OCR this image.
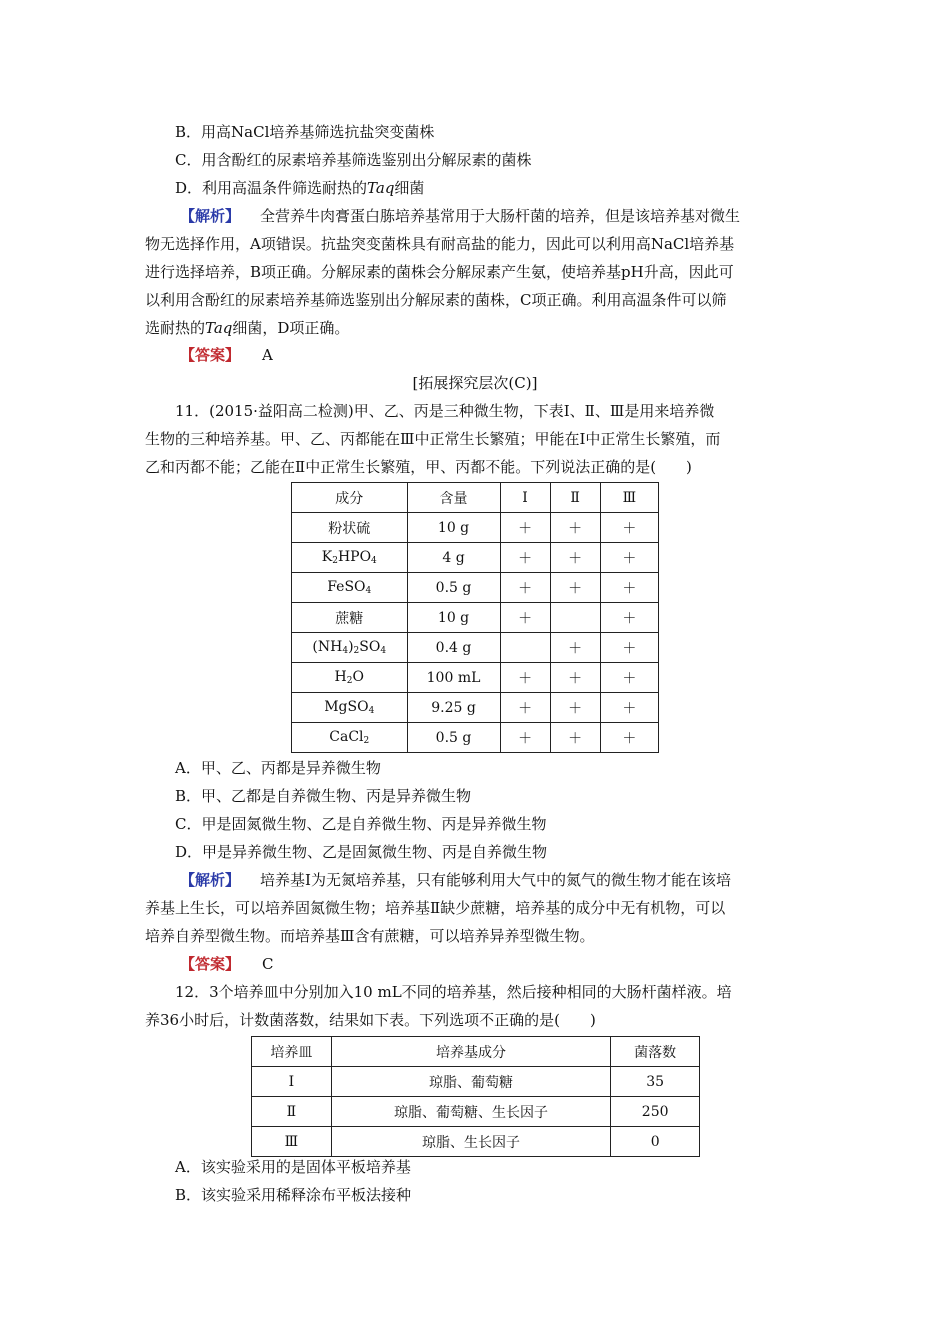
B．用高NaCl培养基筛选抗盐突变菌株
C．用含酚红的尿素培养基筛选鉴别出分解尿素的菌株
D．利用高温条件筛选耐热的Taq细菌
【解析】 全营养牛肉膏蛋白胨培养基常用于大肠杆菌的培养，但是该培养基对微生
物无选择作用，A项错误。抗盐突变菌株具有耐高盐的能力，因此可以利用高NaCl培养基
进行选择培养，B项正确。分解尿素的菌株会分解尿素产生氨，使培养基pH升高，因此可
以利用含酚红的尿素培养基筛选鉴别出分解尿素的菌株，C项正确。利用高温条件可以筛
选耐热的Taq细菌，D项正确。
【答案】 A
[拓展探究层次(C)]
11．(2015·益阳高二检测)甲、乙、丙是三种微生物，下表Ⅰ、Ⅱ、Ⅲ是用来培养微
生物的三种培养基。甲、乙、丙都能在Ⅲ中正常生长繁殖；甲能在Ⅰ中正常生长繁殖，而
乙和丙都不能；乙能在Ⅱ中正常生长繁殖，甲、丙都不能。下列说法正确的是(　　)
成分	含量	Ⅰ	Ⅱ	Ⅲ
粉状硫	10 g	＋	＋	＋
$K_2HPO_4$	4 g	＋	＋	＋
FeSO$_4$	0.5 g	＋	＋	＋
蔗糖	10 g	＋		＋
$(NH_4)_2SO_4$	0.4 g		＋	＋
$H_2O$	100 mL	＋	＋	＋
MgSO$_4$	9.25 g	＋	＋	＋
CaCl$_2$	0.5 g	＋	＋	＋
A．甲、乙、丙都是异养微生物
B．甲、乙都是自养微生物、丙是异养微生物
C．甲是固氮微生物、乙是自养微生物、丙是异养微生物
D．甲是异养微生物、乙是固氮微生物、丙是自养微生物
【解析】 培养基Ⅰ为无氮培养基，只有能够利用大气中的氮气的微生物才能在该培
养基上生长，可以培养固氮微生物；培养基Ⅱ缺少蔗糖，培养基的成分中无有机物，可以
培养自养型微生物。而培养基Ⅲ含有蔗糖，可以培养异养型微生物。
【答案】 C
12．3个培养皿中分别加入10 mL不同的培养基，然后接种相同的大肠杆菌样液。培
养36小时后，计数菌落数，结果如下表。下列选项不正确的是(　　)
培养皿	培养基成分	菌落数
Ⅰ	琼脂、葡萄糖	35
Ⅱ	琼脂、葡萄糖、生长因子	250
Ⅲ	琼脂、生长因子	0
A．该实验采用的是固体平板培养基
B．该实验采用稀释涂布平板法接种
